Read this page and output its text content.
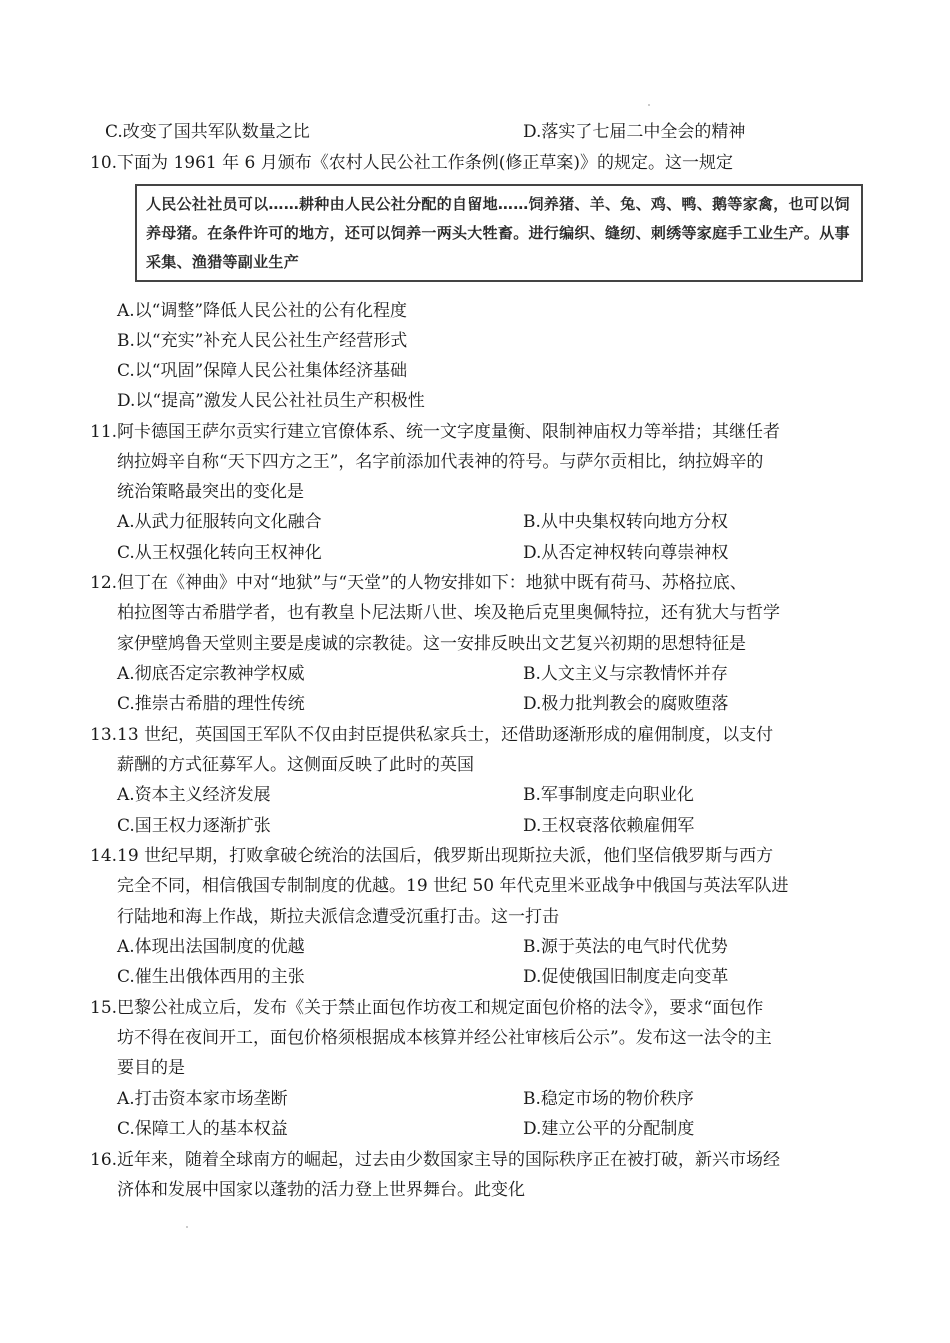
C.改变了国共军队数量之比	D.落实了七届二中全会的精神
10.下面为 1961 年 6 月颁布《农村人民公社工作条例(修正草案)》的规定。这一规定
人民公社社员可以……耕种由人民公社分配的自留地……饲养猪、羊、兔、鸡、鸭、鹅等家禽，也可以饲养母猪。在条件许可的地方，还可以饲养一两头大牲畜。进行编织、缝纫、刺绣等家庭手工业生产。从事采集、渔猎等副业生产
A.以“调整”降低人民公社的公有化程度
B.以“充实”补充人民公社生产经营形式
C.以“巩固”保障人民公社集体经济基础
D.以“提高”激发人民公社社员生产积极性
11.阿卡德国王萨尔贡实行建立官僚体系、统一文字度量衡、限制神庙权力等举措；其继任者
纳拉姆辛自称“天下四方之王”，名字前添加代表神的符号。与萨尔贡相比，纳拉姆辛的
统治策略最突出的变化是
A.从武力征服转向文化融合	B.从中央集权转向地方分权
C.从王权强化转向王权神化	D.从否定神权转向尊崇神权
12.但丁在《神曲》中对“地狱”与“天堂”的人物安排如下：地狱中既有荷马、苏格拉底、
柏拉图等古希腊学者，也有教皇卜尼法斯八世、埃及艳后克里奥佩特拉，还有犹大与哲学
家伊壁鸠鲁天堂则主要是虔诚的宗教徒。这一安排反映出文艺复兴初期的思想特征是
A.彻底否定宗教神学权威	B.人文主义与宗教情怀并存
C.推崇古希腊的理性传统	D.极力批判教会的腐败堕落
13.13 世纪，英国国王军队不仅由封臣提供私家兵士，还借助逐渐形成的雇佣制度，以支付
薪酬的方式征募军人。这侧面反映了此时的英国
A.资本主义经济发展	B.军事制度走向职业化
C.国王权力逐渐扩张	D.王权衰落依赖雇佣军
14.19 世纪早期，打败拿破仑统治的法国后，俄罗斯出现斯拉夫派，他们坚信俄罗斯与西方
完全不同，相信俄国专制制度的优越。19 世纪 50 年代克里米亚战争中俄国与英法军队进
行陆地和海上作战，斯拉夫派信念遭受沉重打击。这一打击
A.体现出法国制度的优越	B.源于英法的电气时代优势
C.催生出俄体西用的主张	D.促使俄国旧制度走向变革
15.巴黎公社成立后，发布《关于禁止面包作坊夜工和规定面包价格的法令》，要求“面包作
坊不得在夜间开工，面包价格须根据成本核算并经公社审核后公示”。发布这一法令的主
要目的是
A.打击资本家市场垄断	B.稳定市场的物价秩序
C.保障工人的基本权益	D.建立公平的分配制度
16.近年来，随着全球南方的崛起，过去由少数国家主导的国际秩序正在被打破，新兴市场经
济体和发展中国家以蓬勃的活力登上世界舞台。此变化
